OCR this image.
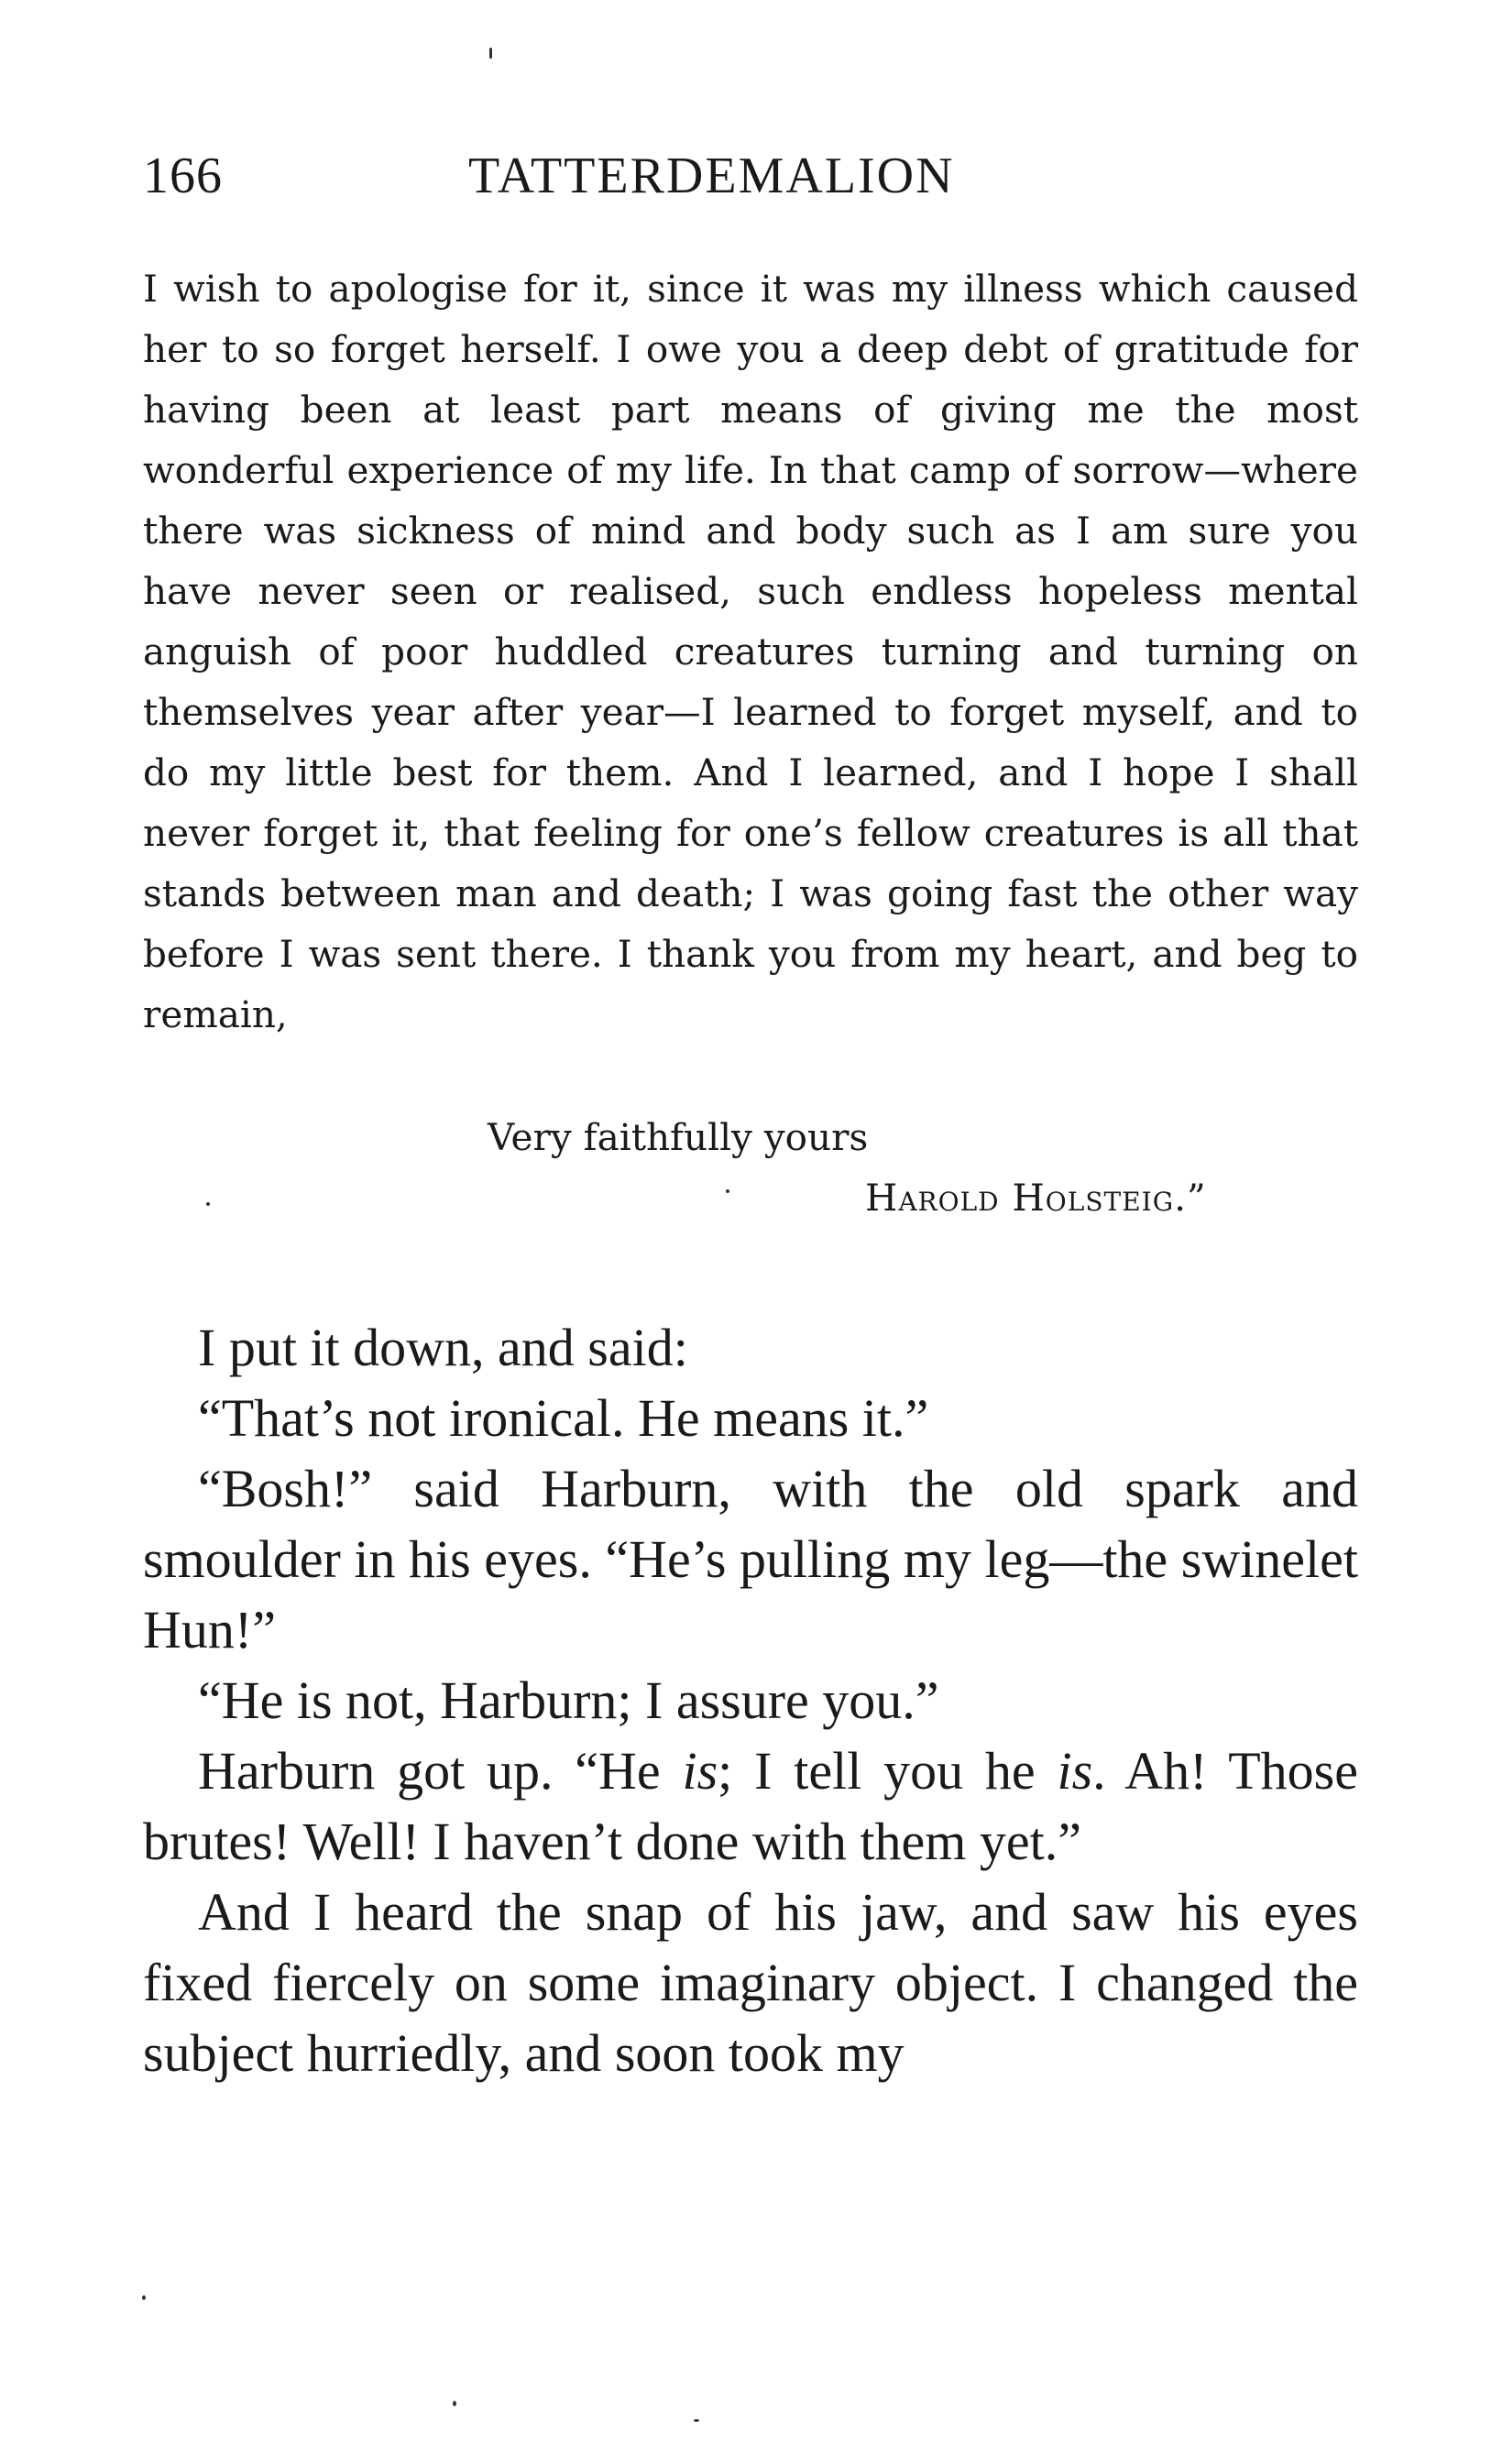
166	TATTERDEMALION
I wish to apologise for it, since it was my illness which caused her to so forget herself. I owe you a deep debt of gratitude for having been at least part means of giving me the most wonderful experience of my life. In that camp of sorrow—where there was sickness of mind and body such as I am sure you have never seen or realised, such endless hopeless mental anguish of poor huddled creatures turning and turning on themselves year after year—I learned to forget myself, and to do my little best for them. And I learned, and I hope I shall never forget it, that feeling for one’s fellow creatures is all that stands between man and death; I was going fast the other way before I was sent there. I thank you from my heart, and beg to remain,
Very faithfully yours
Harold Holsteig.”

I put it down, and said:

“That’s not ironical. He means it.”

“Bosh!” said Harburn, with the old spark and smoulder in his eyes. “He’s pulling my leg—the swinelet Hun!”

“He is not, Harburn; I assure you.”

Harburn got up. “He is; I tell you he is. Ah! Those brutes! Well! I haven’t done with them yet.”

And I heard the snap of his jaw, and saw his eyes fixed fiercely on some imaginary object. I changed the subject hurriedly, and soon took my
